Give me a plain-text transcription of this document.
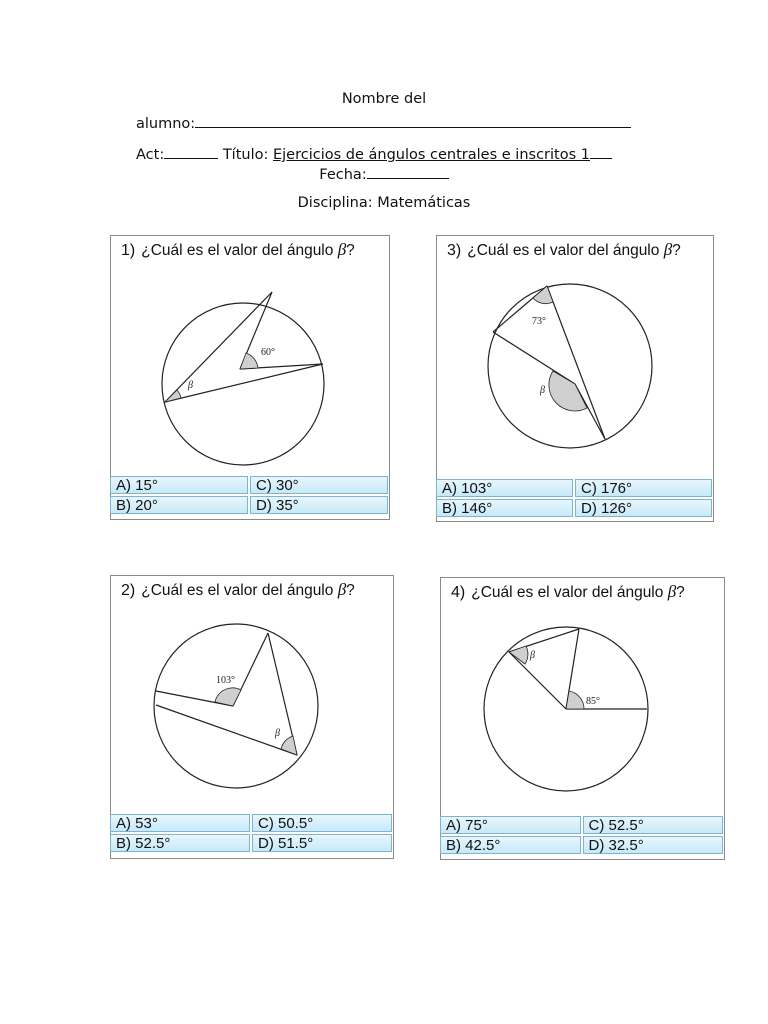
Nombre del
alumno:
Act:	Título: Ejercicios de ángulos centrales e inscritos 1
Fecha:
Disciplina: Matemáticas
1) ¿Cuál es el valor del ángulo β?
60°
β
A) 15°	C) 30°
B) 20°	D) 35°
3) ¿Cuál es el valor del ángulo β?
73°
β
A) 103°	C) 176°
B) 146°	D) 126°
2) ¿Cuál es el valor del ángulo β?
103°
β
A) 53°	C) 50.5°
B) 52.5°	D) 51.5°
4) ¿Cuál es el valor del ángulo β?
β
85°
A) 75°	C) 52.5°
B) 42.5°	D) 32.5°
